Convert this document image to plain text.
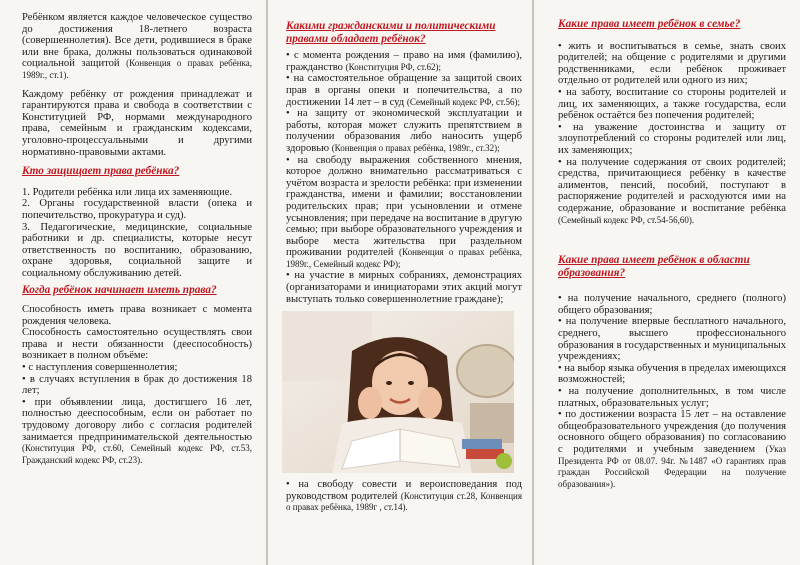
Ребёнком является каждое человеческое существо до достижения 18-летнего возраста (совершеннолетия). Все дети, родившиеся в браке или вне брака, должны пользоваться одинаковой социальной защитой (Конвенция о правах ребёнка, 1989г., ст.1).

Каждому ребёнку от рождения принадлежат и гарантируются права и свобода в соответствии с Конституцией РФ, нормами международного права, семейным и гражданским кодексами, уголовно-процессуальными и другими нормативно-правовыми актами.

Кто защищает права ребёнка?

1. Родители ребёнка или лица их заменяющие.

2. Органы государственной власти (опека и попечительство, прокуратура и суд).

3. Педагогические, медицинские, социальные работники и др. специалисты, которые несут ответственность по воспитанию, образованию, охране здоровья, социальной защите и социальному обслуживанию детей.

Когда ребёнок начинает иметь права?

Способность иметь права возникает с момента рождения человека.

Способность самостоятельно осуществлять свои права и нести обязанности (дееспособность) возникает в полном объёме:

• с наступления совершеннолетия;

• в случаях вступления в брак до достижения 18 лет;

• при объявлении лица, достигшего 16 лет, полностью дееспособным, если он работает по трудовому договору либо с согласия родителей занимается предпринимательской деятельностью (Конституция РФ, ст.60, Семейный кодекс РФ, ст.53, Гражданский кодекс РФ, ст.23).

Какими гражданскими и политическими правами обладает ребёнок?

• с момента рождения – право на имя (фамилию), гражданство (Конституция РФ, ст.62);

• на самостоятельное обращение за защитой своих прав в органы опеки и попечительства, а по достижении 14 лет – в суд (Семейный кодекс РФ, ст.56);

• на защиту от экономической эксплуатации и работы, которая может служить препятствием в получении образования либо наносить ущерб здоровью (Конвенция о правах ребёнка, 1989г., ст.32);

• на свободу выражения собственного мнения, которое должно внимательно рассматриваться с учётом возраста и зрелости ребёнка: при изменении гражданства, имени и фамилии; восстановлении родительских прав; при усыновлении и отмене усыновления; при передаче на воспитание в другую семью; при выборе образовательного учреждения и выборе места жительства при раздельном проживании родителей (Конвенция о правах ребёнка, 1989г., Семейный кодекс РФ);

• на участие в мирных собраниях, демонстрациях (организаторами и инициаторами этих акций могут выступать только совершеннолетние граждане);

• на свободу совести и вероисповедания под руководством родителей (Конституция ст.28, Конвенция о правах ребёнка, 1989г , ст.14).

Какие права имеет ребёнок в семье?

• жить и воспитываться в семье, знать своих родителей; на общение с родителями и другими родственниками, если ребёнок проживает отдельно от родителей или одного из них;

• на заботу, воспитание со стороны родителей и лиц, их заменяющих, а также государства, если ребёнок остаётся без попечения родителей;

• на уважение достоинства и защиту от злоупотреблений со стороны родителей или лиц, их заменяющих;

• на получение содержания от своих родителей; средства, причитающиеся ребёнку в качестве алиментов, пенсий, пособий, поступают в распоряжение родителей и расходуются ими на содержание, образование и воспитание ребёнка (Семейный кодекс РФ, ст.54-56,60).

Какие права имеет ребёнок в области образования?

• на получение начального, среднего (полного) общего образования;

• на получение впервые бесплатного начального, среднего, высшего профессионального образования в государственных и муниципальных учреждениях;

• на выбор языка обучения в пределах имеющихся возможностей;

• на получение дополнительных, в том числе платных, образовательных услуг;

• по достижении возраста 15 лет – на оставление общеобразовательного учреждения (до получения основного общего образования) по согласованию с родителями и учебным заведением (Указ Президента РФ от 08.07. 94г. №1487 «О гарантиях прав граждан Российской Федерации на получение образования»).
